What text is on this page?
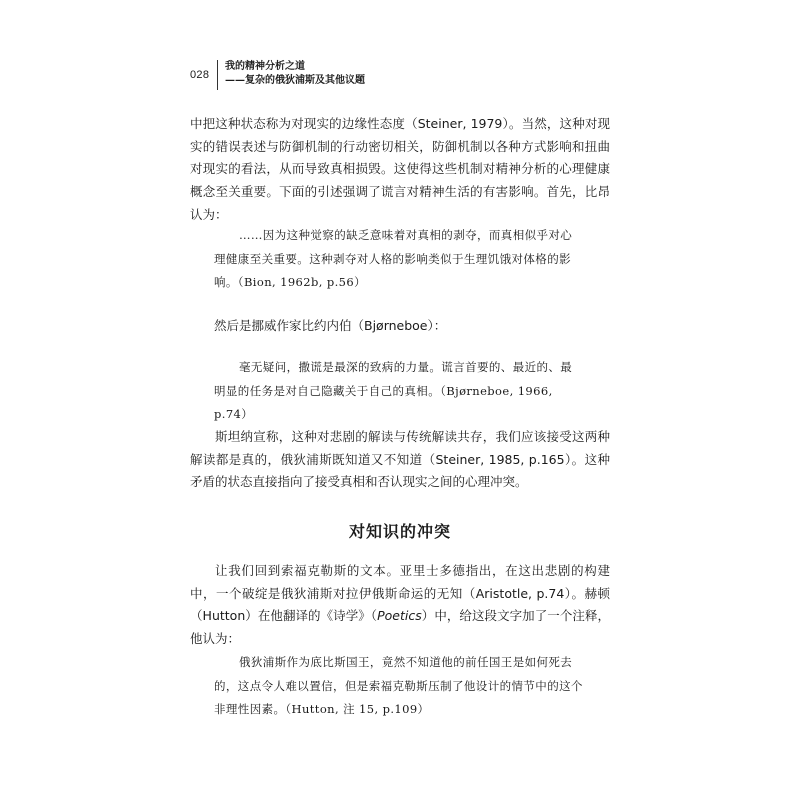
028
我的精神分析之道
——复杂的俄狄浦斯及其他议题

中把这种状态称为对现实的边缘性态度（Steiner, 1979）。当然，这种对现实的错误表述与防御机制的行动密切相关，防御机制以各种方式影响和扭曲对现实的看法，从而导致真相损毁。这使得这些机制对精神分析的心理健康概念至关重要。下面的引述强调了谎言对精神生活的有害影响。首先，比昂认为：

……因为这种觉察的缺乏意味着对真相的剥夺，而真相似乎对心理健康至关重要。这种剥夺对人格的影响类似于生理饥饿对体格的影响。（Bion, 1962b, p.56）

然后是挪威作家比约内伯（Bjørneboe）：

毫无疑问，撒谎是最深的致病的力量。谎言首要的、最近的、最明显的任务是对自己隐藏关于自己的真相。（Bjørneboe, 1966, p.74）

斯坦纳宣称，这种对悲剧的解读与传统解读共存，我们应该接受这两种解读都是真的，俄狄浦斯既知道又不知道（Steiner, 1985, p.165）。这种矛盾的状态直接指向了接受真相和否认现实之间的心理冲突。

对知识的冲突

让我们回到索福克勒斯的文本。亚里士多德指出，在这出悲剧的构建中，一个破绽是俄狄浦斯对拉伊俄斯命运的无知（Aristotle, p.74）。赫顿（Hutton）在他翻译的《诗学》（Poetics）中，给这段文字加了一个注释，他认为：

俄狄浦斯作为底比斯国王，竟然不知道他的前任国王是如何死去的，这点令人难以置信，但是索福克勒斯压制了他设计的情节中的这个非理性因素。（Hutton, 注 15, p.109）
